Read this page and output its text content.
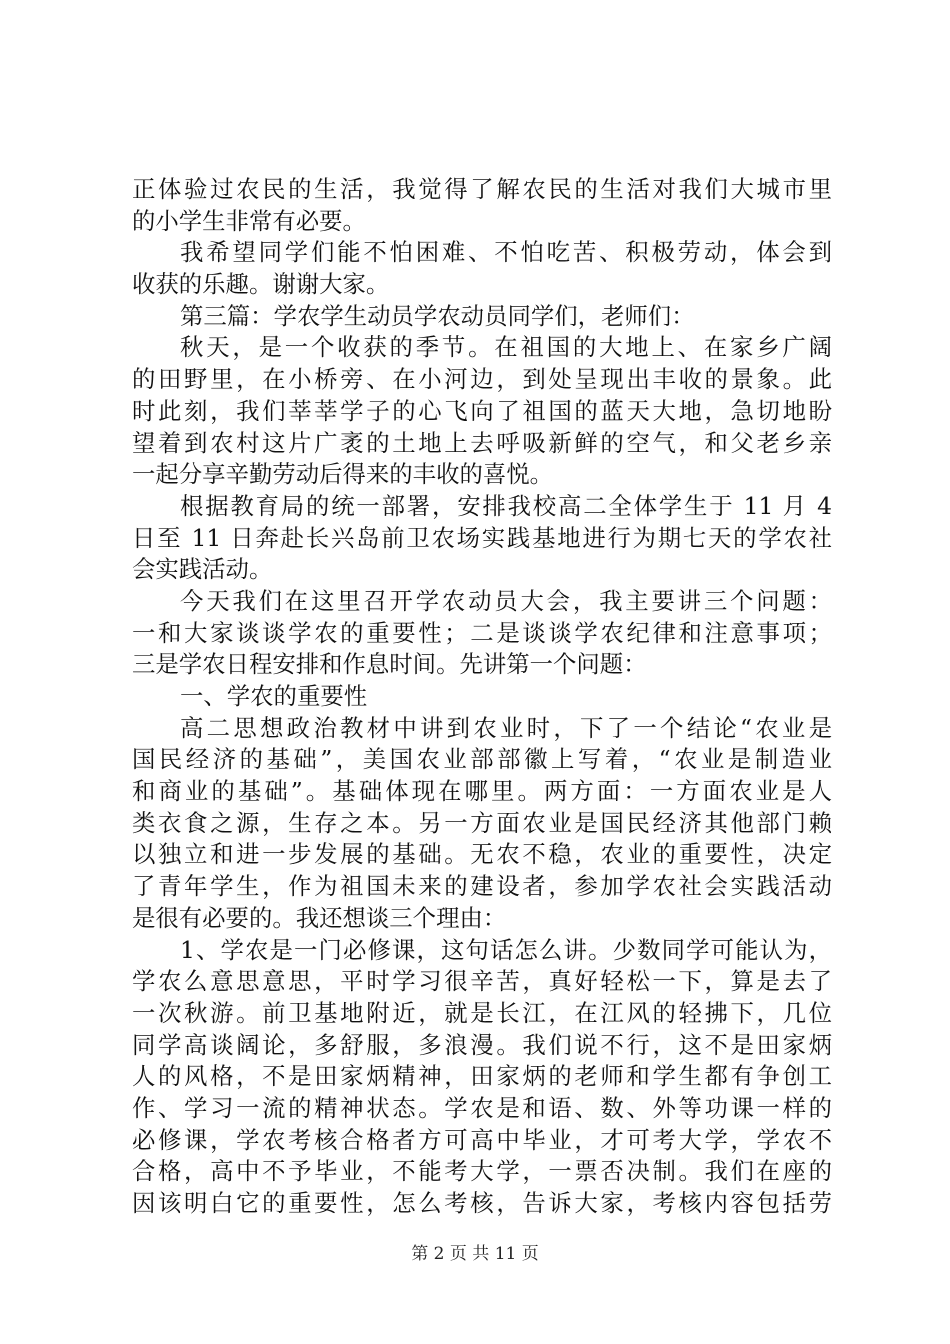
正体验过农民的生活，我觉得了解农民的生活对我们大城市里
的小学生非常有必要。
我希望同学们能不怕困难、不怕吃苦、积极劳动，体会到
收获的乐趣。谢谢大家。
第三篇：学农学生动员学农动员同学们，老师们：
秋天，是一个收获的季节。在祖国的大地上、在家乡广阔
的田野里，在小桥旁、在小河边，到处呈现出丰收的景象。此
时此刻，我们莘莘学子的心飞向了祖国的蓝天大地，急切地盼
望着到农村这片广袤的土地上去呼吸新鲜的空气，和父老乡亲
一起分享辛勤劳动后得来的丰收的喜悦。
根据教育局的统一部署，安排我校高二全体学生于 11 月 4
日至 11 日奔赴长兴岛前卫农场实践基地进行为期七天的学农社
会实践活动。
今天我们在这里召开学农动员大会，我主要讲三个问题：
一和大家谈谈学农的重要性；二是谈谈学农纪律和注意事项；
三是学农日程安排和作息时间。先讲第一个问题：
一、学农的重要性
高二思想政治教材中讲到农业时，下了一个结论“农业是
国民经济的基础”，美国农业部部徽上写着，“农业是制造业
和商业的基础”。基础体现在哪里。两方面：一方面农业是人
类衣食之源，生存之本。另一方面农业是国民经济其他部门赖
以独立和进一步发展的基础。无农不稳，农业的重要性，决定
了青年学生，作为祖国未来的建设者，参加学农社会实践活动
是很有必要的。我还想谈三个理由：
1、学农是一门必修课，这句话怎么讲。少数同学可能认为，
学农么意思意思，平时学习很辛苦，真好轻松一下，算是去了
一次秋游。前卫基地附近，就是长江，在江风的轻拂下，几位
同学高谈阔论，多舒服，多浪漫。我们说不行，这不是田家炳
人的风格，不是田家炳精神，田家炳的老师和学生都有争创工
作、学习一流的精神状态。学农是和语、数、外等功课一样的
必修课，学农考核合格者方可高中毕业，才可考大学，学农不
合格，高中不予毕业，不能考大学，一票否决制。我们在座的
因该明白它的重要性，怎么考核，告诉大家，考核内容包括劳
第 2 页 共 11 页
